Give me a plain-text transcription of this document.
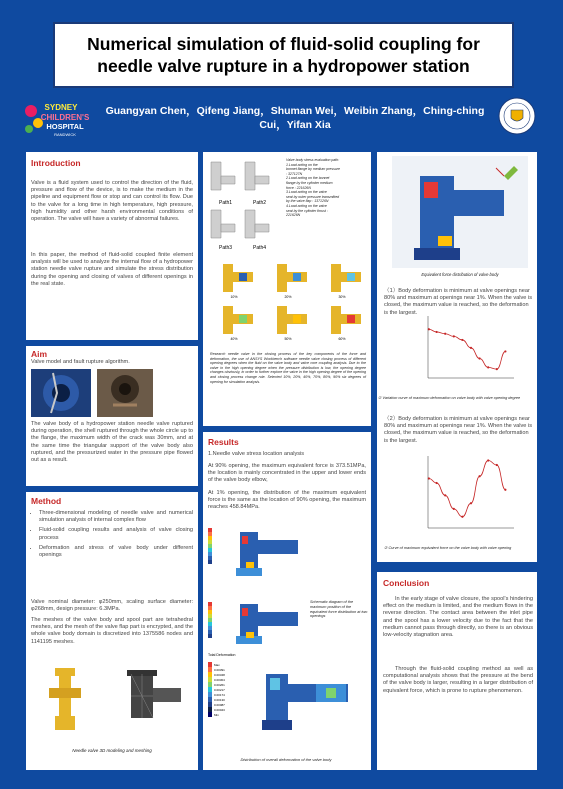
Numerical simulation of fluid-solid coupling for
needle valve rupture in a hydropower station
SYDNEY
CHILDREN'S
HOSPITAL
RANDWICK
Guangyan Chen，Qifeng Jiang，Shuman Wei，Weibin Zhang，Ching-ching
Cui，Yifan Xia
Introduction
Valve is a fluid system used to control the direction of the fluid, pressure and flow of the device, is to make the medium in the pipeline and equipment flow or stop and can control its flow. Due to the valve for a long time in high temperature, high pressure, high humidity and other harsh environmental conditions of operation. The valve will have a variety of abnormal failures.
In this paper, the method of fluid-solid coupled finite element analysis will be used to analyze the internal flow of a hydropower station needle valve rupture and simulate the stress distribution during the opening and closing of valves of different openings in the real state.
Aim
Valve model and fault rupture algorithm.
The valve body of a hydropower station needle valve ruptured during operation, the shell ruptured through the whole circle up to the flange, the maximum width of the crack was 30mm, and at the same time the triangular support of the valve body also ruptured, and the pressurized water in the pressure pipe flowed out as a result.
Method
• Three-dimensional modeling of needle valve and numerical simulation analysis of internal complex flow
• Fluid-solid coupling results and analysis of valve closing process
• Deformation and stress of valve body under different openings
Valve nominal diameter: φ250mm, scaling surface diameter: φ268mm, design pressure: 6.3MPa.
The meshes of the valve body and spool part are tetrahedral meshes, and the mesh of the valve flap part is encrypted, and the whole valve body domain is discretized into 1375586 nodes and 1141195 meshes.
Needle valve 3D modeling and meshing
Path1	Path2
Path3	Path4
Valve body stress evaluation path:
1.Load acting on the
bonnet flange by medium pressure
: 327127N
2.Load acting on the bonnet
flange by the cylinder medium
force : 221626N
3.Load acting on the valve
seat by outer pressure transmitted
by the valve flap : 137126N
4.Load acting on the valve
seat by the cylinder thrust :
221626N
10%	20%	30%
40%	50%	60%
Research needle valve in the closing process of the key components of the force and deformation, the use of ANSYS Workbench software needle valve closing process of different opening degrees when the fluid on the valve body and valve core coupling analysis. Due to the valve in the high opening degree when the pressure distribution is low, the opening degree changes obviously, in order to further explore the valve in the high opening degree of the opening and closing process change rule. Selected 10%, 20%, 40%, 70%, 80%, 90% six degrees of opening for simulation analysis.
Results
1.Needle valve stress location analysis
At 90% opening, the maximum equivalent force is 373.51MPa, the location is mainly concentrated in the upper and lower ends of the valve body elbow,
At 1% opening, the distribution of the maximum equivalent force is the same as the location of 90% opening, the maximum reaches 458.84MPa.
Schematic diagram of the maximum position of the equivalent force distribution at two openings
Total Deformation
Max
0.00391
0.00348
0.00304
0.00261
0.00217
0.00174
0.00130
0.00087
0.00043
Min
Distribution of overall deformation of the valve body
Equivalent force distribution of valve body
（1）Body deformation is minimum at valve openings near 80% and maximum at openings near 1%. When the valve is closed, the maximum value is reached, so the deformation is the largest.
① Variation curve of maximum deformation on valve body with valve opening degree
（2）Body deformation is minimum at valve openings near 80% and maximum at openings near 1%. When the valve is closed, the maximum value is reached, so the deformation is the largest.
② Curve of maximum equivalent force on the valve body with valve opening
Conclusion
In the early stage of valve closure, the spool's hindering effect on the medium is limited, and the medium flows in the reverse direction. The contact area between the inlet pipe and the spool has a lower velocity due to the fact that the medium cannot pass through directly, so there is an obvious low-velocity stagnation area.
Through the fluid-solid coupling method as well as computational analysis shows that the pressure at the bend of the valve body is larger, resulting in a larger distribution of equivalent force, which is prone to rupture phenomenon.
